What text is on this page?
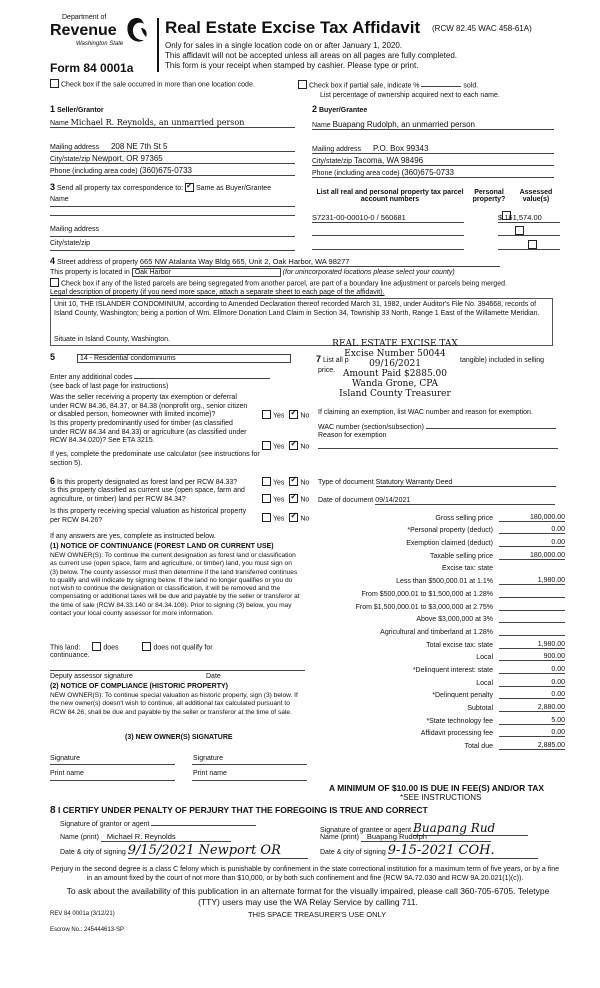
Department of
Revenue
Washington State
Form 84 0001a
Real Estate Excise Tax Affidavit (RCW 82.45 WAC 458-61A)
Only for sales in a single location code on or after January 1, 2020.
This affidavit will not be accepted unless all areas on all pages are fully completed.
This form is your receipt when stamped by cashier. Please type or print.
Check box if the sale occurred in more than one location code.	Check box if partial sale, indicate %	sold.
List percentage of ownership acquired next to each name.
1 Seller/Grantor
Name Michael R. Reynolds, an unmarried person
Mailing address 208 NE 7th St 5
City/state/zip Newport, OR 97365
Phone (including area code) (360)675-0733
2 Buyer/Grantee
Name Buapang Rudolph, an unmarried person
Mailing address P.O. Box 99343
City/state/zip Tacoma, WA 98496
Phone (including area code) (360)675-0733
3 Send all property tax correspondence to: ✓ Same as Buyer/Grantee
Name
Mailing address
City/state/zip
List all real and personal property tax parcel account numbers
Personal property?
Assessed value(s)
S7231-00-00010-0 / 560681
	$ 161,574.00

4 Street address of property 665 NW Atalanta Way Bldg 665, Unit 2, Oak Harbor, WA 98277
This property is located in Oak Harbor	(for unincorporated locations please select your county)
Check box if any of the listed parcels are being segregated from another parcel, are part of a boundary line adjustment or parcels being merged.
Legal description of property (if you need more space, attach a separate sheet to each page of the affidavit).
Unit 10, THE ISLANDER CONDOMINIUM, according to Amended Declaration thereof recorded March 31, 1982, under Auditor's File No. 394668, records of Island County, Washington; being a portion of Wm. Ellmore Donation Land Claim in Section 34, Township 33 North, Range 1 East of the Willamette Meridian.
Situate in Island County, Washington.	REAL ESTATE EXCISE TAX
Excise Number 50044
09/16/2021
Amount Paid $2885.00
Wanda Grone, CPA
Island County Treasurer
5	14 - Residential condominiums
Enter any additional codes
(see back of last page for instructions)
Was the seller receiving a property tax exemption or deferral under RCW 84.36, 84.37, or 84.38 (nonprofit org., senior citizen or disabled person, homeowner with limited income)?	Yes ✓ No
Is this property predominantly used for timber (as classified under RCW 84.34 and 84.33) or agriculture (as classified under RCW 84.34.020)? See ETA 3215.
Yes ✓ No
If yes, complete the predominate use calculator (see instructions for section 5).
7 List all p	tangible) included in selling
price.
If claiming an exemption, list WAC number and reason for exemption.
WAC number (section/subsection)
Reason for exemption
6 Is this property designated as forest land per RCW 84.33?	Yes ✓ No
Is this property classified as current use (open space, farm and agriculture, or timber) land per RCW 84.34?	Yes ✓ No
Is this property receiving special valuation as historical property per RCW 84.26?	Yes ✓ No
If any answers are yes, complete as instructed below.
(1) NOTICE OF CONTINUANCE (FOREST LAND OR CURRENT USE)
NEW OWNER(S): To continue the current designation as forest land or classification as current use (open space, farm and agriculture, or timber) land, you must sign on (3) below. The county assessor must then determine if the land transferred continues to qualify and will indicate by signing below. If the land no longer qualifies or you do not wish to continue the designation or classification, it will be removed and the compensating or additional taxes will be due and payable by the seller or transferor at the time of sale (RCW 84.33.140 or 84.34.108). Prior to signing (3) below, you may contact your local county assessor for more information.
This land:	does	does not qualify for
continuance.
Deputy assessor signature	Date
(2) NOTICE OF COMPLIANCE (HISTORIC PROPERTY)
NEW OWNER(S): To continue special valuation as historic property, sign (3) below. If the new owner(s) doesn't wish to continue, all additional tax calculated pursuant to RCW 84.26, shall be due and payable by the seller or transferor at the time of sale.
(3) NEW OWNER(S) SIGNATURE
Signature	Signature
Print name	Print name
Type of document Statutory Warranty Deed
Date of document 09/14/2021
Gross selling price	180,000.00
*Personal property (deduct)	0.00
Exemption claimed (deduct)	0.00
Taxable selling price	180,000.00
Excise tax: state
Less than $500,000.01 at 1.1%	1,980.00
From $500,000.01 to $1,500,000 at 1.28%
From $1,500,000.01 to $3,000,000 at 2.75%
Above $3,000,000 at 3%
Agricultural and timberland at 1.28%
Total excise tax: state	1,980.00
Local	900.00
*Delinquent interest: state	0.00
Local	0.00
*Delinquent penalty	0.00
Subtotal	2,880.00
*State technology fee	5.00
Affidavit processing fee	0.00
Total due	2,885.00
A MINIMUM OF $10.00 IS DUE IN FEE(S) AND/OR TAX
*SEE INSTRUCTIONS
8 I CERTIFY UNDER PENALTY OF PERJURY THAT THE FOREGOING IS TRUE AND CORRECT
Signature of grantor or agent
Name (print) Michael R. Reynolds
Date & city of signing 9/15/2021 Newport OR
Signature of grantee or agent Buapang Rud
Name (print) Buapang Rudolph
Date & city of signing 9-15-2021 COH.
Perjury in the second degree is a class C felony which is punishable by confinement in the state correctional institution for a maximum term of five years, or by a fine in an amount fixed by the court of not more than $10,000, or by both such confinement and fine (RCW 9A.72.030 and RCW 9A.20.021(1)(c)).
To ask about the availability of this publication in an alternate format for the visually impaired, please call 360-705-6705. Teletype (TTY) users may use the WA Relay Service by calling 711.
REV 84 0001a (3/12/21)	THIS SPACE TREASURER'S USE ONLY
Escrow No.: 245444613-SP
